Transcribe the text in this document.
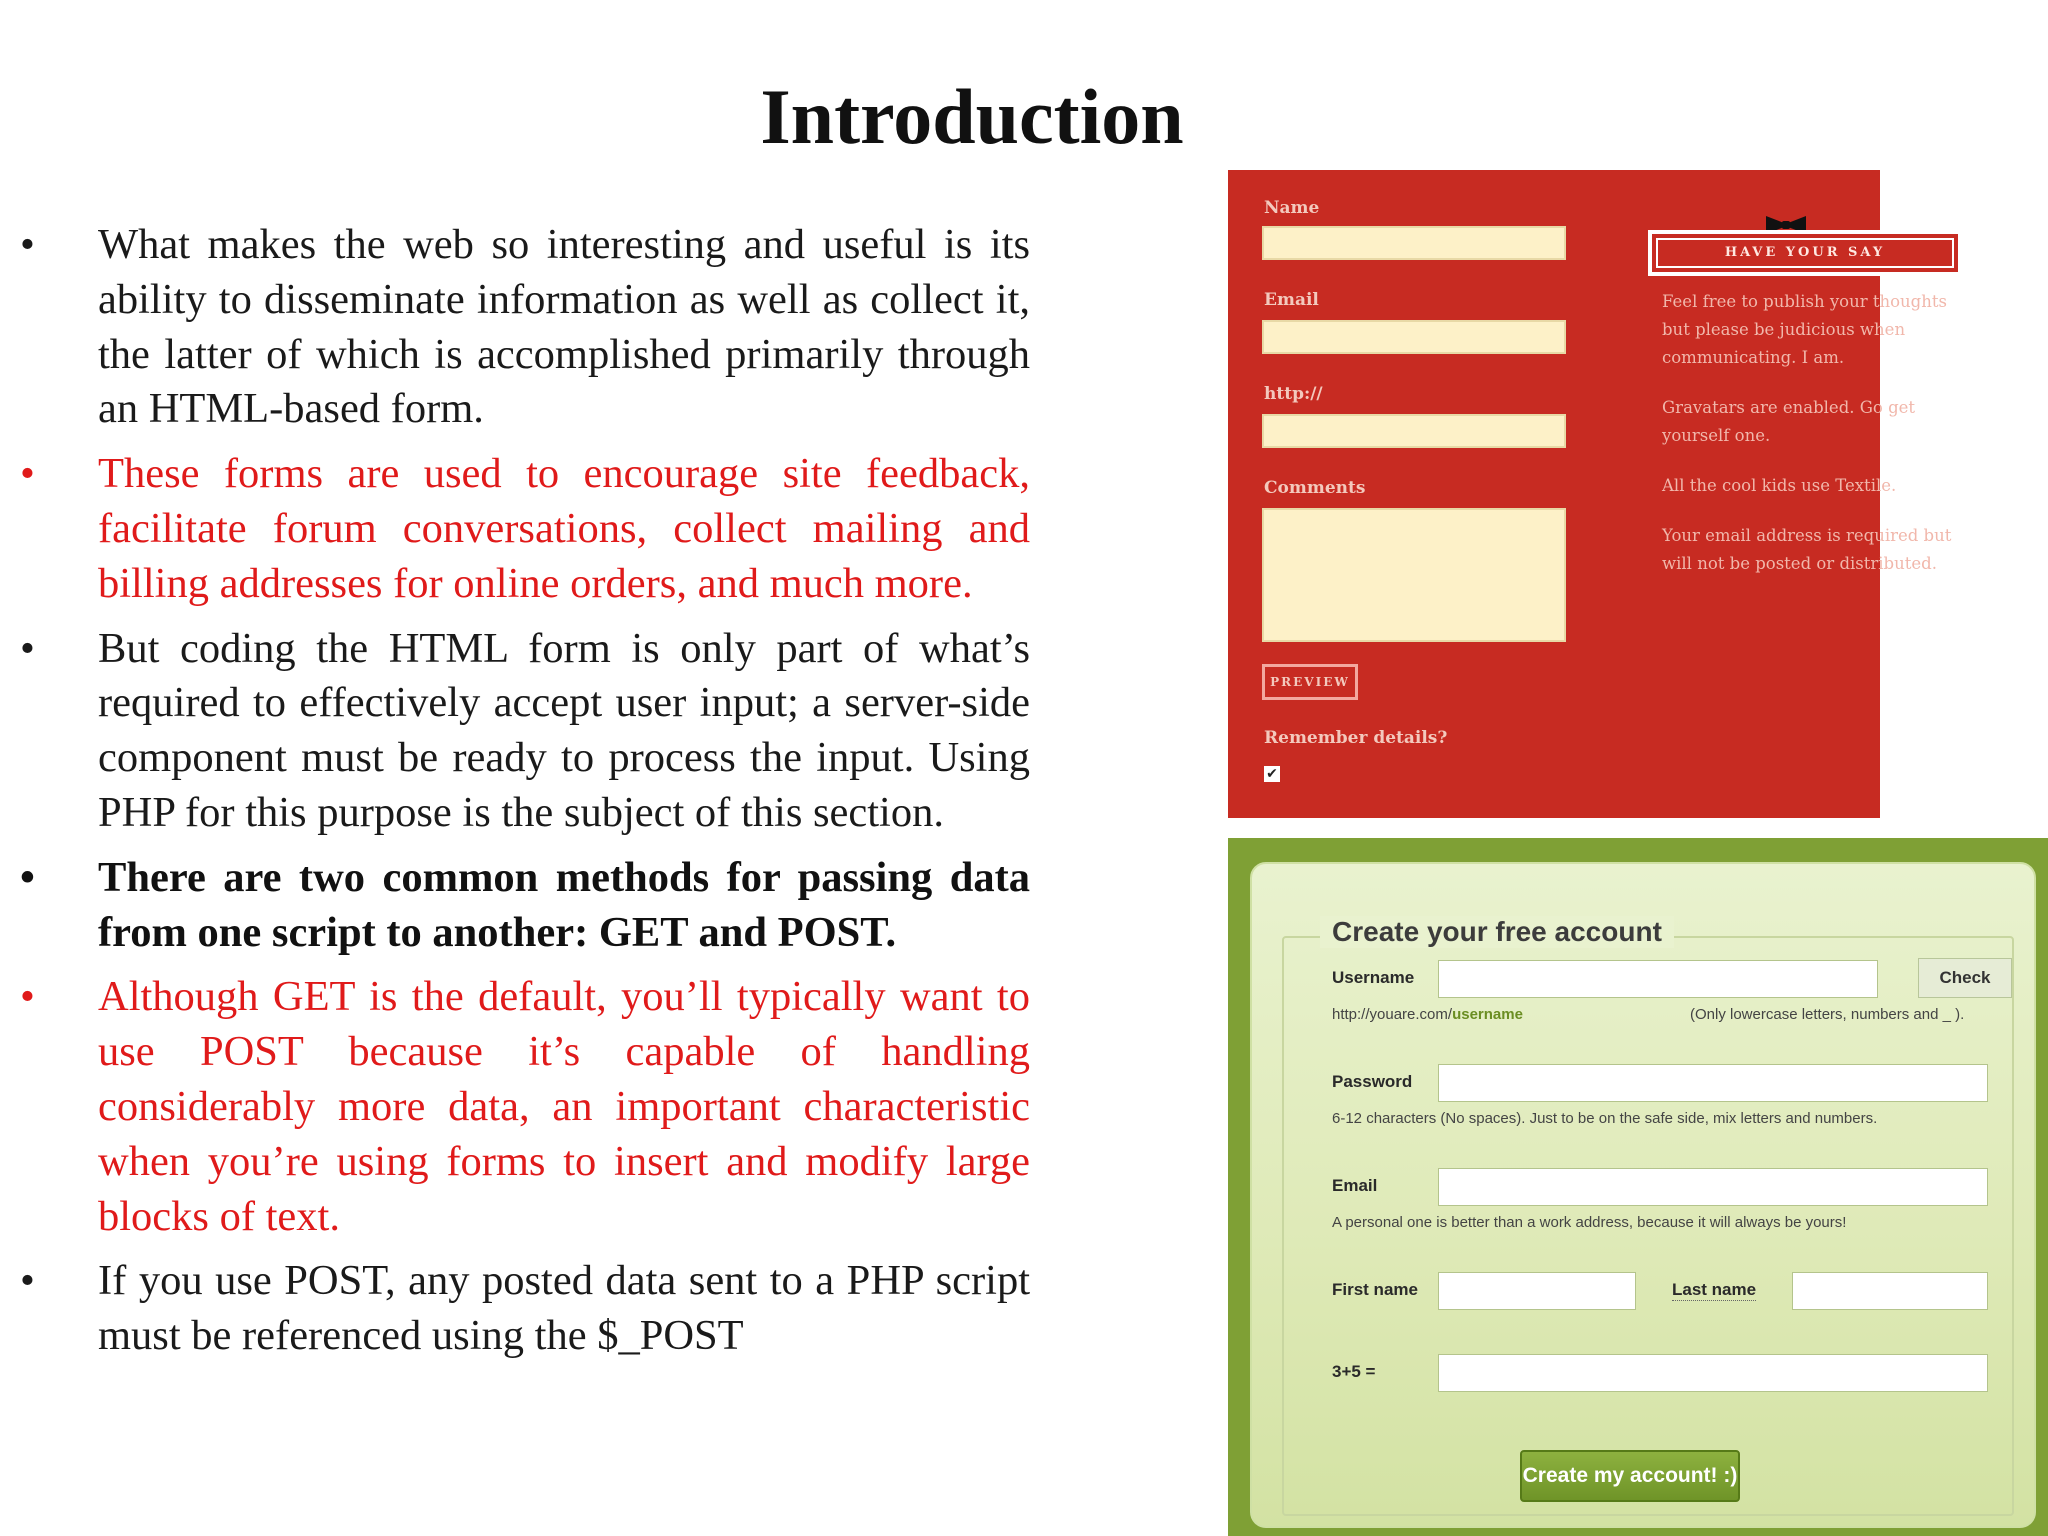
Introduction
• What makes the web so interesting and useful is its ability to disseminate information as well as collect it, the latter of which is accomplished primarily through an HTML-based form.
• These forms are used to encourage site feedback, facilitate forum conversations, collect mailing and billing addresses for online orders, and much more.
• But coding the HTML form is only part of what’s required to effectively accept user input; a server-side component must be ready to process the input. Using PHP for this purpose is the subject of this section.
• There are two common methods for passing data from one script to another: GET and POST.
• Although GET is the default, you’ll typically want to use POST because it’s capable of handling considerably more data, an important characteristic when you’re using forms to insert and modify large blocks of text.
• If you use POST, any posted data sent to a PHP script must be referenced using the $_POST
Name
Email
http://
Comments
PREVIEW
Remember details?
✔
HAVE YOUR SAY
Feel free to publish your thoughts but please be judicious when communicating. I am.
Gravatars are enabled. Go get yourself one.
All the cool kids use Textile.
Your email address is required but will not be posted or distributed.
Create your free account
Username	Check
http://youare.com/username	(Only lowercase letters, numbers and _ ).
Password
6-12 characters (No spaces). Just to be on the safe side, mix letters and numbers.
Email
A personal one is better than a work address, because it will always be yours!
First name	Last name
3+5 =
Create my account! :)
